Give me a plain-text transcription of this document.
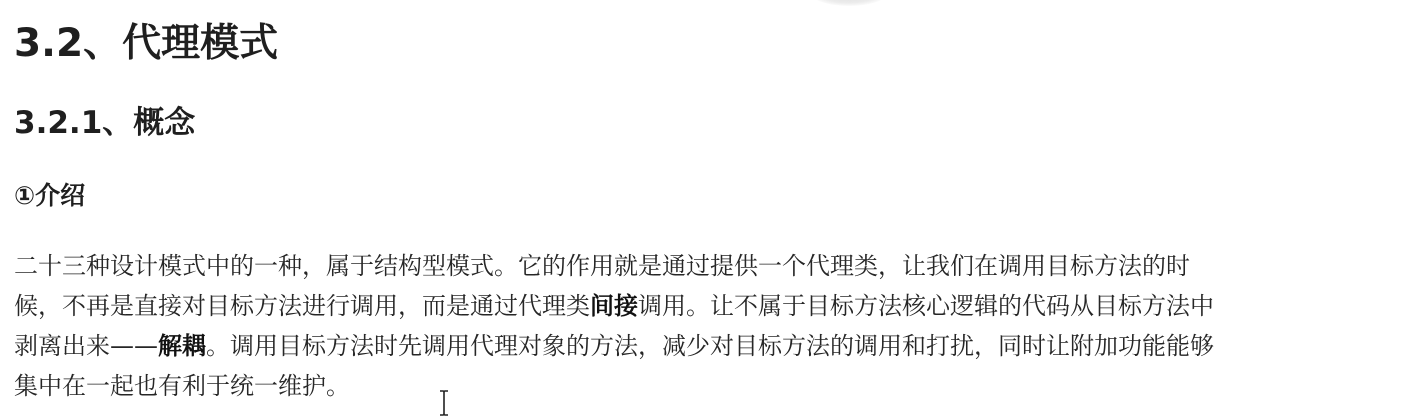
3.2、代理模式
3.2.1、概念
①介绍

二十三种设计模式中的一种，属于结构型模式。它的作用就是通过提供一个代理类，让我们在调用目标方法的时
候，不再是直接对目标方法进行调用，而是通过代理类间接调用。让不属于目标方法核心逻辑的代码从目标方法中
剥离出来——解耦。调用目标方法时先调用代理对象的方法，减少对目标方法的调用和打扰，同时让附加功能能够
集中在一起也有利于统一维护。
